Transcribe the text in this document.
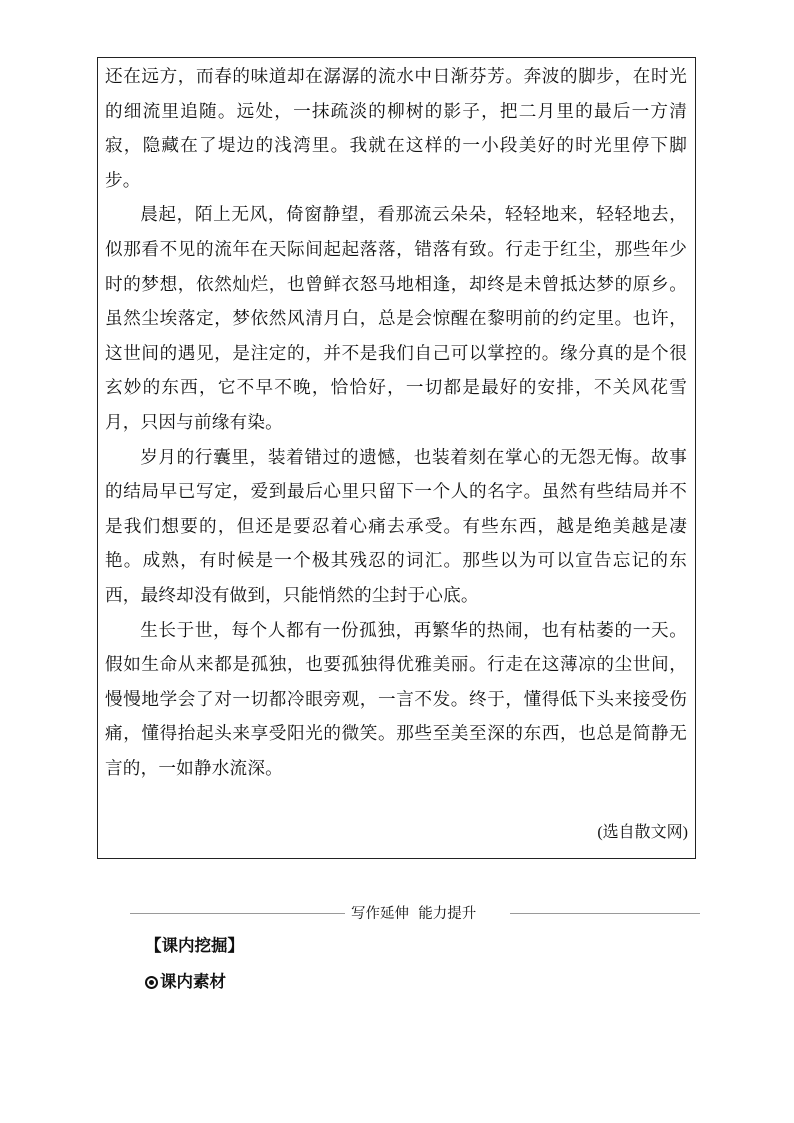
还在远方，而春的味道却在潺潺的流水中日渐芬芳。奔波的脚步，在时光的细流里追随。远处，一抹疏淡的柳树的影子，把二月里的最后一方清寂，隐藏在了堤边的浅湾里。我就在这样的一小段美好的时光里停下脚步。

晨起，陌上无风，倚窗静望，看那流云朵朵，轻轻地来，轻轻地去，似那看不见的流年在天际间起起落落，错落有致。行走于红尘，那些年少时的梦想，依然灿烂，也曾鲜衣怒马地相逢，却终是未曾抵达梦的原乡。虽然尘埃落定，梦依然风清月白，总是会惊醒在黎明前的约定里。也许，这世间的遇见，是注定的，并不是我们自己可以掌控的。缘分真的是个很玄妙的东西，它不早不晚，恰恰好，一切都是最好的安排，不关风花雪月，只因与前缘有染。

岁月的行囊里，装着错过的遗憾，也装着刻在掌心的无怨无悔。故事的结局早已写定，爱到最后心里只留下一个人的名字。虽然有些结局并不是我们想要的，但还是要忍着心痛去承受。有些东西，越是绝美越是凄艳。成熟，有时候是一个极其残忍的词汇。那些以为可以宣告忘记的东西，最终却没有做到，只能悄然的尘封于心底。

生长于世，每个人都有一份孤独，再繁华的热闹，也有枯萎的一天。假如生命从来都是孤独，也要孤独得优雅美丽。行走在这薄凉的尘世间，慢慢地学会了对一切都冷眼旁观，一言不发。终于，懂得低下头来接受伤痛，懂得抬起头来享受阳光的微笑。那些至美至深的东西，也总是简静无言的，一如静水流深。

(选自散文网)
写作延伸  能力提升
【课内挖掘】
课内素材
